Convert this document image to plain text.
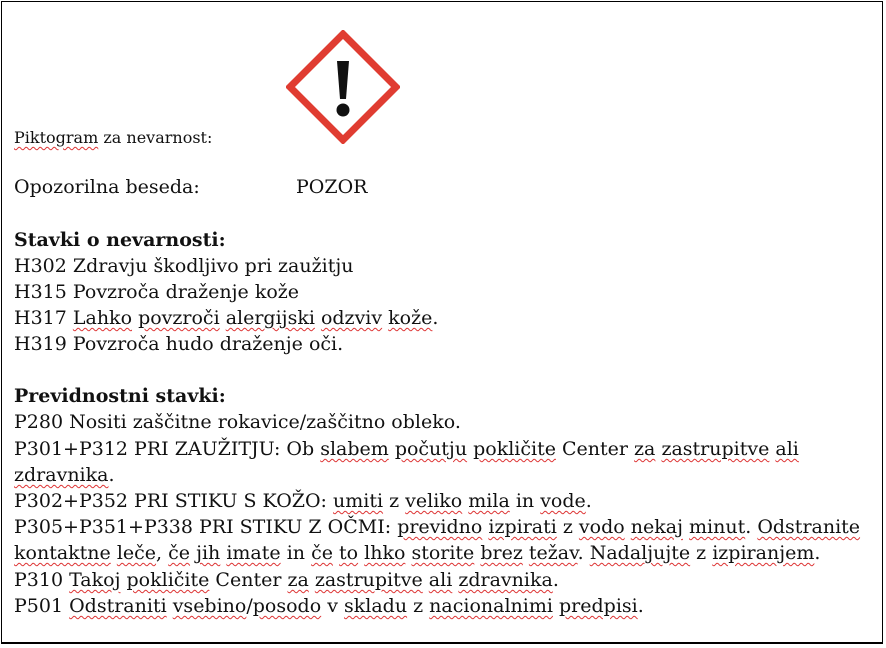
Piktogram za nevarnost:
Opozorilna beseda:	POZOR
Stavki o nevarnosti:
H302 Zdravju škodljivo pri zaužitju
H315 Povzroča draženje kože
H317 Lahko povzroči alergijski odzviv kože.
H319 Povzroča hudo draženje oči.
Previdnostni stavki:
P280 Nositi zaščitne rokavice/zaščitno obleko.
P301+P312 PRI ZAUŽITJU: Ob slabem počutju pokličite Center za zastrupitve ali
zdravnika.
P302+P352 PRI STIKU S KOŽO: umiti z veliko mila in vode.
P305+P351+P338 PRI STIKU Z OČMI: previdno izpirati z vodo nekaj minut. Odstranite
kontaktne leče, če jih imate in če to lhko storite brez težav. Nadaljujte z izpiranjem.
P310 Takoj pokličite Center za zastrupitve ali zdravnika.
P501 Odstraniti vsebino/posodo v skladu z nacionalnimi predpisi.
